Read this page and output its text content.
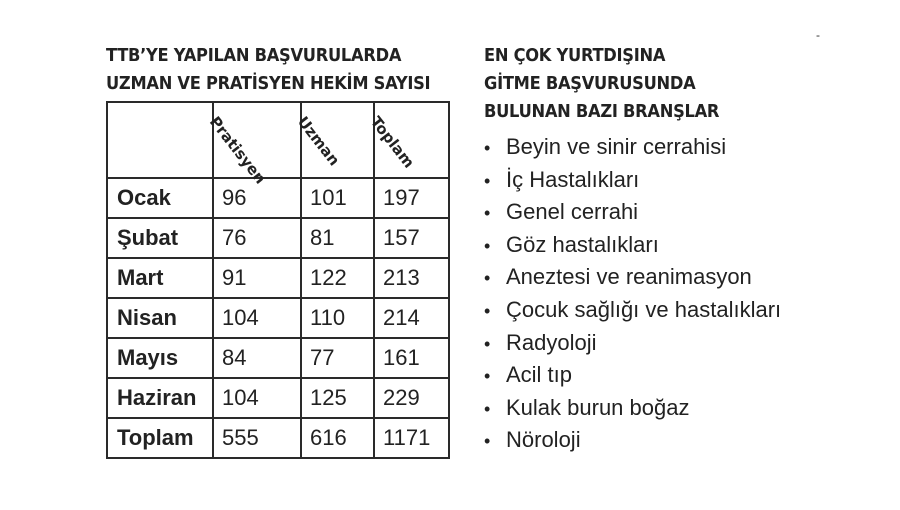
TTB’YE YAPILAN BAŞVURULARDA
UZMAN VE PRATİSYEN HEKİM SAYISI

	Pratisyen	Uzman	Toplam

Ocak	96	101	197
Şubat	76	81	157
Mart	91	122	213
Nisan	104	110	214
Mayıs	84	77	161
Haziran	104	125	229
Toplam	555	616	1171
EN ÇOK YURTDIŞINA
GİTME BAŞVURUSUNDA
BULUNAN BAZI BRANŞLAR
• Beyin ve sinir cerrahisi
• İç Hastalıkları
• Genel cerrahi
• Göz hastalıkları
• Aneztesi ve reanimasyon
• Çocuk sağlığı ve hastalıkları
• Radyoloji
• Acil tıp
• Kulak burun boğaz
• Nöroloji
-
